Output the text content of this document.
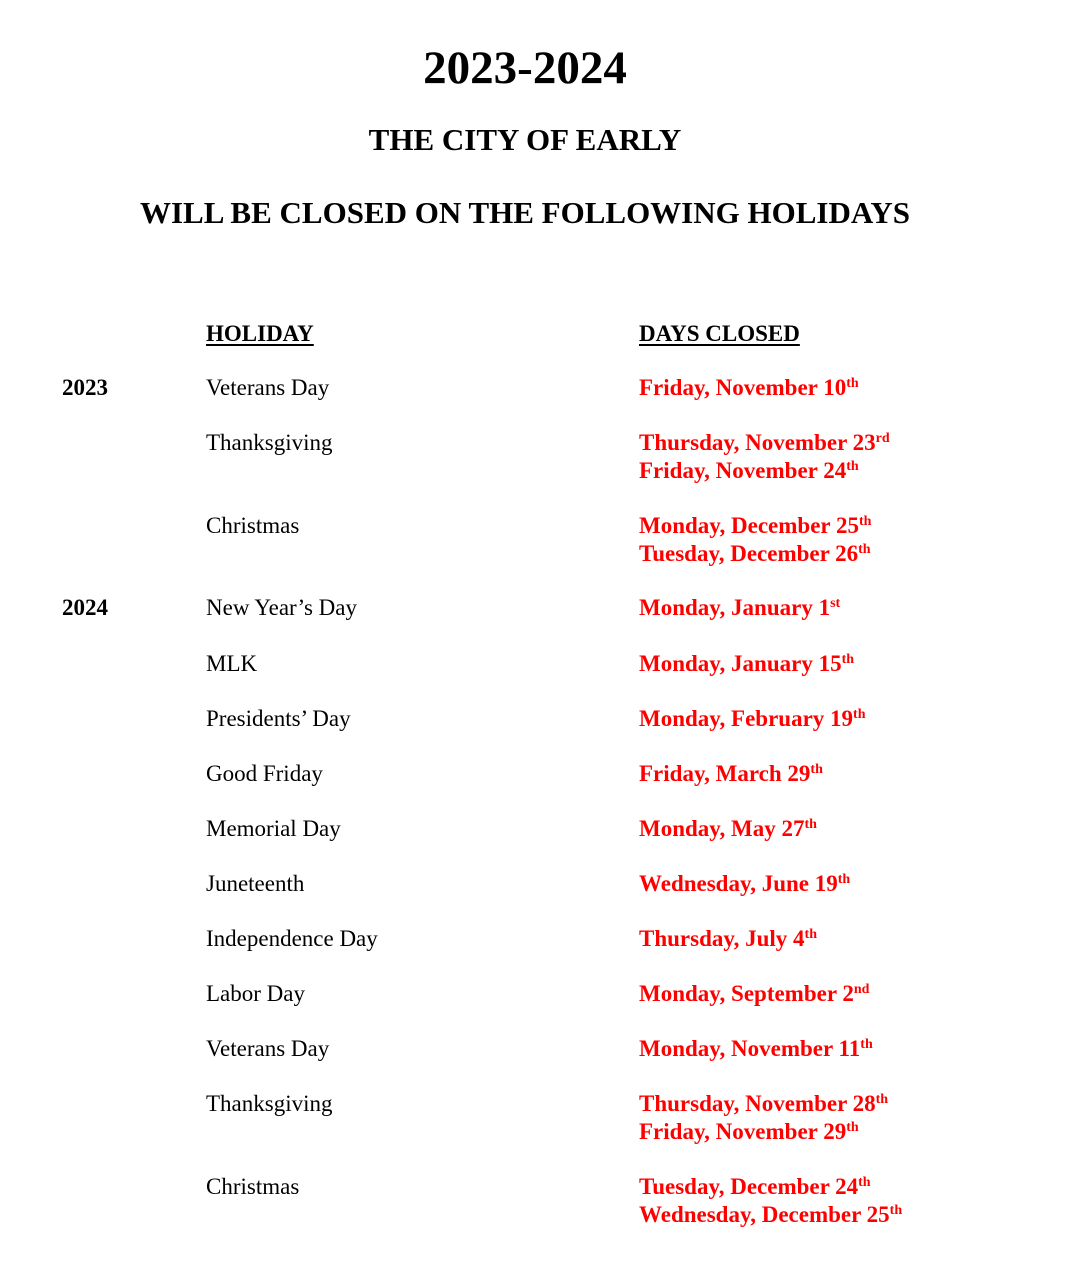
2023-2024
THE CITY OF EARLY
WILL BE CLOSED ON THE FOLLOWING HOLIDAYS
HOLIDAY	DAYS CLOSED
2023	Veterans Day	Friday, November 10th
Thanksgiving	Thursday, November 23rd
Friday, November 24th
Christmas	Monday, December 25th
Tuesday, December 26th
2024	New Year’s Day	Monday, January 1st
MLK	Monday, January 15th
Presidents’ Day	Monday, February 19th
Good Friday	Friday, March 29th
Memorial Day	Monday, May 27th
Juneteenth	Wednesday, June 19th
Independence Day	Thursday, July 4th
Labor Day	Monday, September 2nd
Veterans Day	Monday, November 11th
Thanksgiving	Thursday, November 28th
Friday, November 29th
Christmas	Tuesday, December 24th
Wednesday, December 25th
